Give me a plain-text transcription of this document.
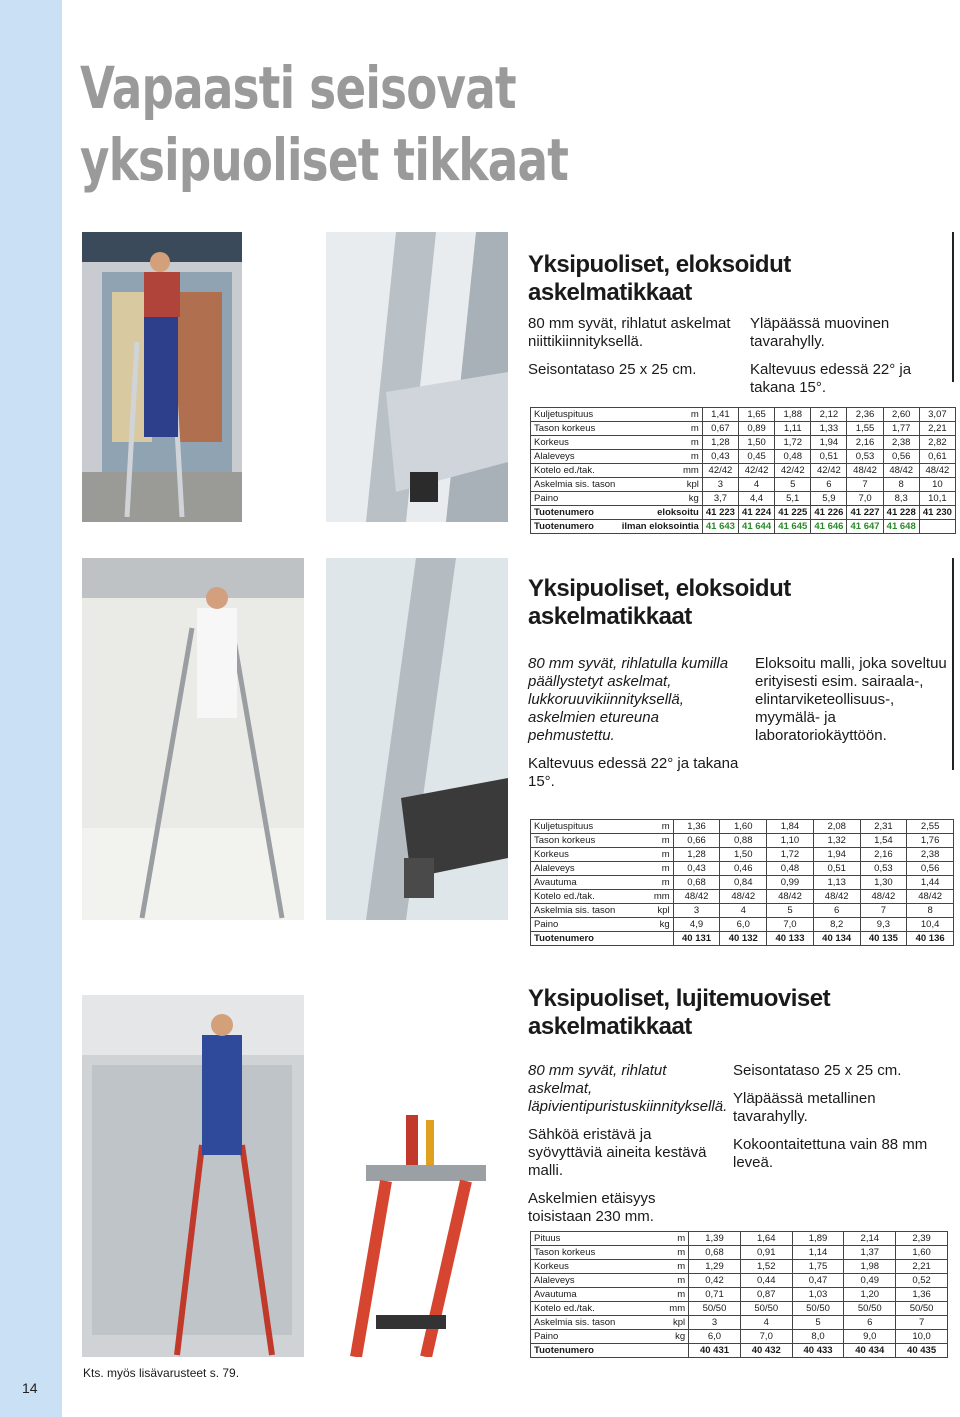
14
Vapaasti seisovat
yksipuoliset tikkaat
Yksipuoliset, eloksoidut
askelmatikkaat

80 mm syvät, rihlatut askelmat niittikiinnityksellä.

Seisontataso 25 x 25 cm.

Yläpäässä muovinen tavarahylly.

Kaltevuus edessä 22° ja takana 15°.

Kuljetuspituus	m	1,41	1,65	1,88	2,12	2,36	2,60	3,07
Tason korkeus	m	0,67	0,89	1,11	1,33	1,55	1,77	2,21
Korkeus	m	1,28	1,50	1,72	1,94	2,16	2,38	2,82
Alaleveys	m	0,43	0,45	0,48	0,51	0,53	0,56	0,61
Kotelo ed./tak.	mm	42/42	42/42	42/42	42/42	48/42	48/42	48/42
Askelmia sis. tason	kpl	3	4	5	6	7	8	10
Paino	kg	3,7	4,4	5,1	5,9	7,0	8,3	10,1
Tuotenumero	eloksoitu	41 223	41 224	41 225	41 226	41 227	41 228	41 230
Tuotenumero	ilman eloksointia	41 643	41 644	41 645	41 646	41 647	41 648	
Yksipuoliset, eloksoidut
askelmatikkaat

80 mm syvät, rihlatulla kumilla päällystetyt askelmat, lukkoruuvikiinnityksellä, askelmien etureuna pehmustettu.

Kaltevuus edessä 22° ja takana 15°.

Eloksoitu malli, joka soveltuu erityisesti esim. sairaala-, elintarviketeollisuus-, myymälä- ja laboratoriokäyttöön.

Kuljetuspituus	m	1,36	1,60	1,84	2,08	2,31	2,55
Tason korkeus	m	0,66	0,88	1,10	1,32	1,54	1,76
Korkeus	m	1,28	1,50	1,72	1,94	2,16	2,38
Alaleveys	m	0,43	0,46	0,48	0,51	0,53	0,56
Avautuma	m	0,68	0,84	0,99	1,13	1,30	1,44
Kotelo ed./tak.	mm	48/42	48/42	48/42	48/42	48/42	48/42
Askelmia sis. tason	kpl	3	4	5	6	7	8
Paino	kg	4,9	6,0	7,0	8,2	9,3	10,4
Tuotenumero		40 131	40 132	40 133	40 134	40 135	40 136
Yksipuoliset, lujitemuoviset
askelmatikkaat

80 mm syvät, rihlatut askelmat, läpivientipuristuskiinnityksellä.

Sähköä eristävä ja syövyttäviä aineita kestävä malli.

Askelmien etäisyys toisistaan 230 mm.

Seisontataso 25 x 25 cm.

Yläpäässä metallinen tavarahylly.

Kokoontaitettuna vain 88 mm leveä.

Pituus	m	1,39	1,64	1,89	2,14	2,39
Tason korkeus	m	0,68	0,91	1,14	1,37	1,60
Korkeus	m	1,29	1,52	1,75	1,98	2,21
Alaleveys	m	0,42	0,44	0,47	0,49	0,52
Avautuma	m	0,71	0,87	1,03	1,20	1,36
Kotelo ed./tak.	mm	50/50	50/50	50/50	50/50	50/50
Askelmia sis. tason	kpl	3	4	5	6	7
Paino	kg	6,0	7,0	8,0	9,0	10,0
Tuotenumero		40 431	40 432	40 433	40 434	40 435
Kts. myös lisävarusteet s. 79.
